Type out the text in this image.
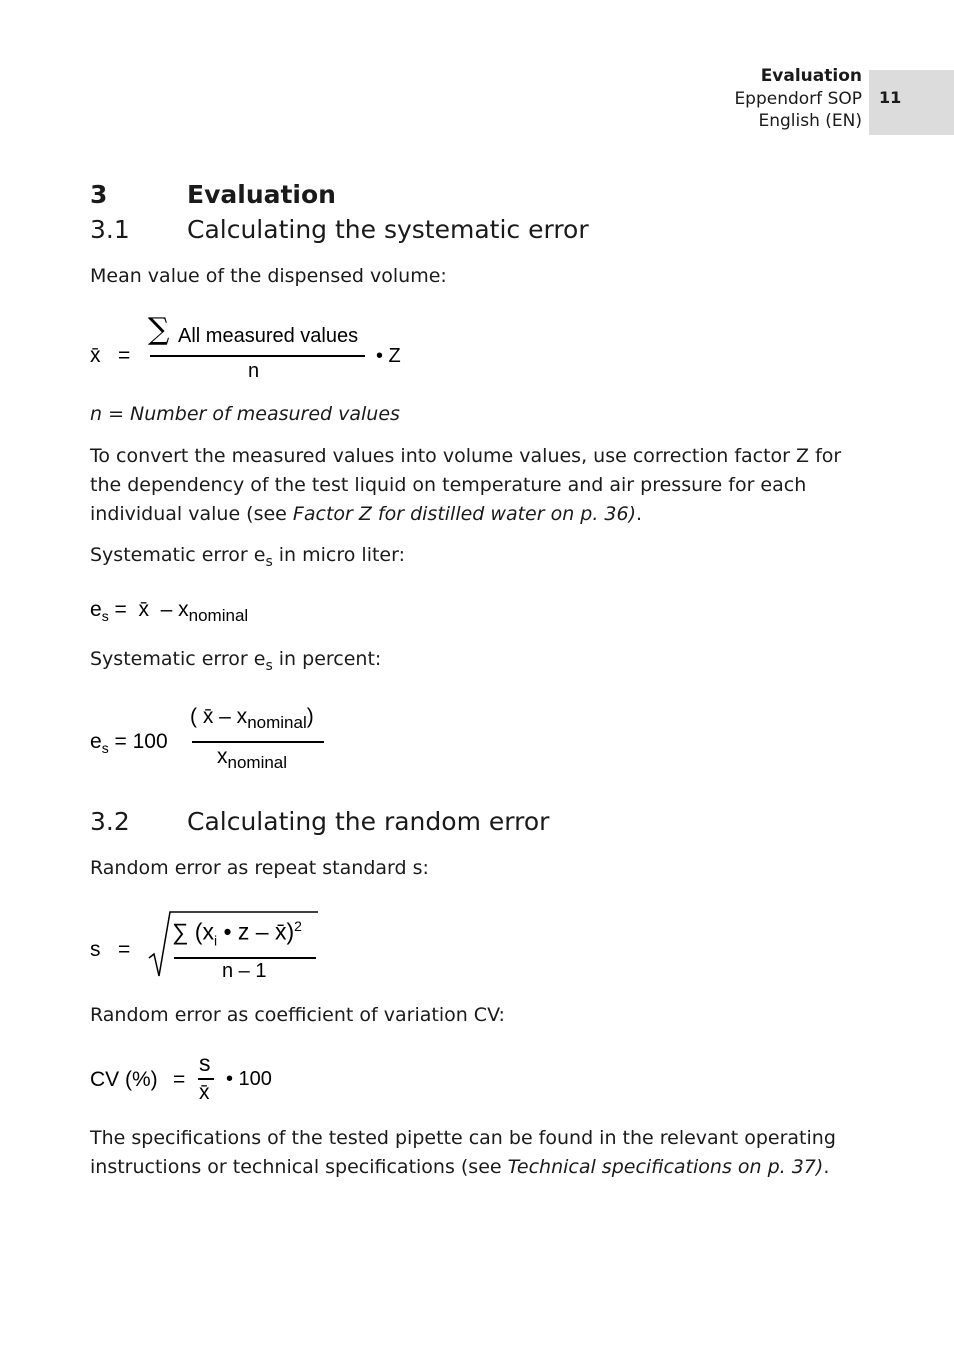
Evaluation
Eppendorf SOP
English (EN)
11
3	Evaluation
3.1 Calculating the systematic error
Mean value of the dispensed volume:
x̄ =
∑ All measured values
n
• Z
n = Number of measured values
To convert the measured values into volume values, use correction factor Z for the dependency of the test liquid on temperature and air pressure for each individual value (see Factor Z for distilled water on p. 36).
Systematic error $e_s$ in micro liter:
$e_s$ =  x̄  – $x_{nominal}$
Systematic error $e_s$ in percent:
$e_s = 100$
( x̄ – $x_{nominal}$)
$x_{nominal}$
3.2 Calculating the random error
Random error as repeat standard s:
s =
∑ ($x_i$ • z – x̄)$^2$
n – 1
Random error as coefficient of variation CV:
CV (%) =
s
x̄
• 100
The specifications of the tested pipette can be found in the relevant operating instructions or technical specifications (see Technical specifications on p. 37).
